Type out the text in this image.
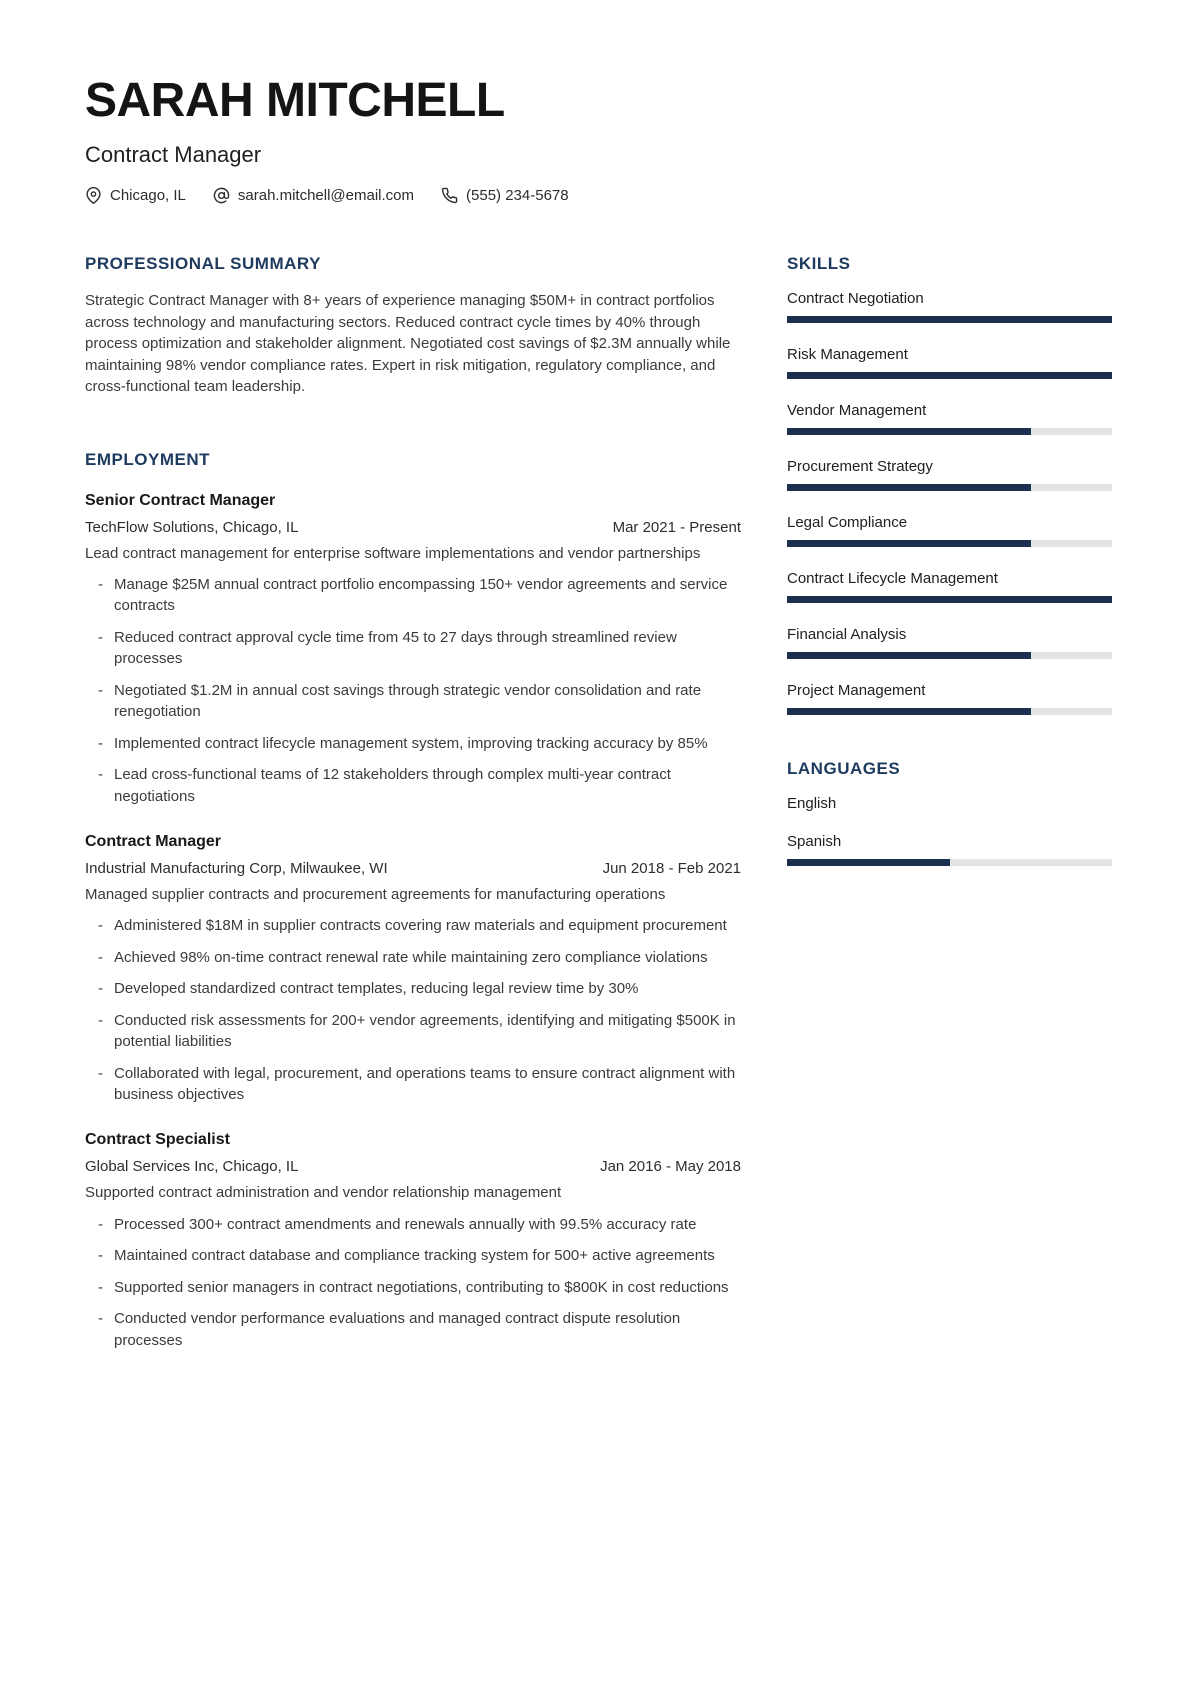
SARAH MITCHELL
Contract Manager
Chicago, IL	sarah.mitchell@email.com	(555) 234-5678
PROFESSIONAL SUMMARY

Strategic Contract Manager with 8+ years of experience managing $50M+ in contract portfolios across technology and manufacturing sectors. Reduced contract cycle times by 40% through process optimization and stakeholder alignment. Negotiated cost savings of $2.3M annually while maintaining 98% vendor compliance rates. Expert in risk mitigation, regulatory compliance, and cross-functional team leadership.

EMPLOYMENT
Senior Contract Manager
TechFlow Solutions, Chicago, IL	Mar 2021 - Present

Lead contract management for enterprise software implementations and vendor partnerships

- Manage $25M annual contract portfolio encompassing 150+ vendor agreements and service contracts
- Reduced contract approval cycle time from 45 to 27 days through streamlined review processes
- Negotiated $1.2M in annual cost savings through strategic vendor consolidation and rate renegotiation
- Implemented contract lifecycle management system, improving tracking accuracy by 85%
- Lead cross-functional teams of 12 stakeholders through complex multi-year contract negotiations
Contract Manager
Industrial Manufacturing Corp, Milwaukee, WI	Jun 2018 - Feb 2021

Managed supplier contracts and procurement agreements for manufacturing operations

- Administered $18M in supplier contracts covering raw materials and equipment procurement
- Achieved 98% on-time contract renewal rate while maintaining zero compliance violations
- Developed standardized contract templates, reducing legal review time by 30%
- Conducted risk assessments for 200+ vendor agreements, identifying and mitigating $500K in potential liabilities
- Collaborated with legal, procurement, and operations teams to ensure contract alignment with business objectives
Contract Specialist
Global Services Inc, Chicago, IL	Jan 2016 - May 2018

Supported contract administration and vendor relationship management

- Processed 300+ contract amendments and renewals annually with 99.5% accuracy rate
- Maintained contract database and compliance tracking system for 500+ active agreements
- Supported senior managers in contract negotiations, contributing to $800K in cost reductions
- Conducted vendor performance evaluations and managed contract dispute resolution processes
SKILLS
Contract Negotiation
Risk Management
Vendor Management
Procurement Strategy
Legal Compliance
Contract Lifecycle Management
Financial Analysis
Project Management
LANGUAGES
English
Spanish
